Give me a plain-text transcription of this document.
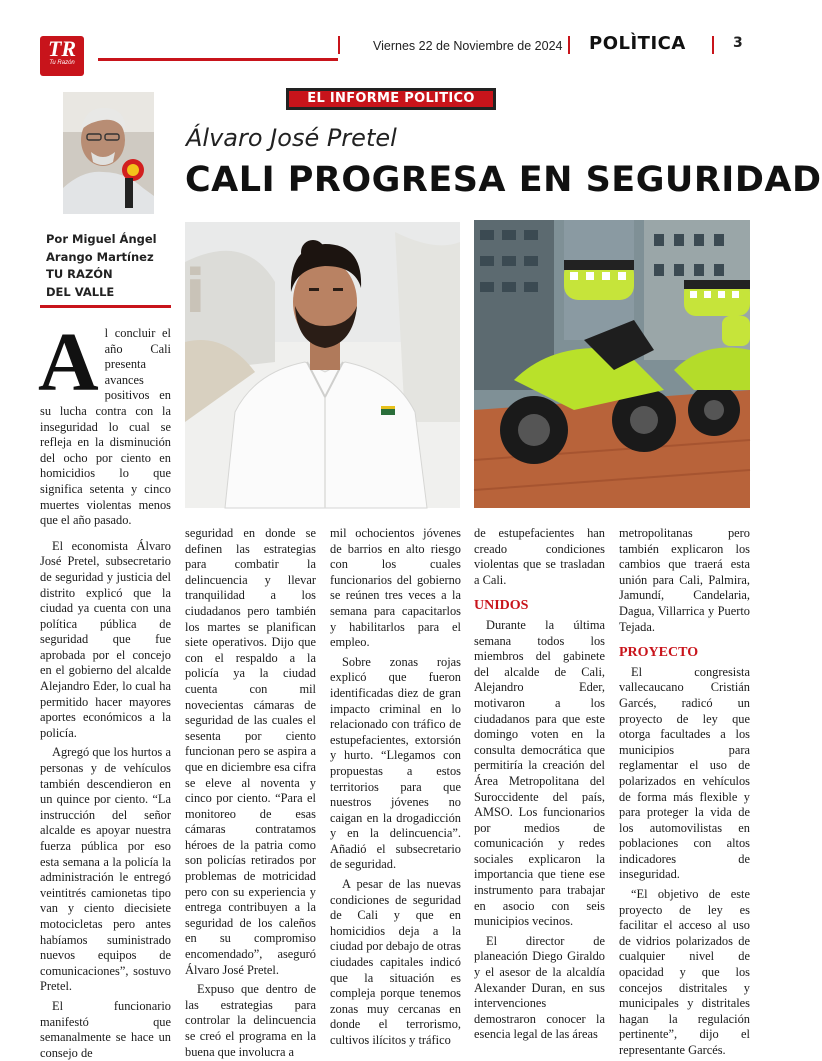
TR
Tu Razón
Viernes 22 de Noviembre de 2024 POLÌTICA	3
EL INFORME POLITICO
Álvaro José Pretel
CALI PROGRESA EN SEGURIDAD
Por Miguel Ángel
Arango Martínez
TU RAZÓN
DEL VALLE	i

Al concluir el año Cali presenta avances positivos en su lucha contra con la inseguridad lo cual se refleja en la disminución del ocho por ciento en homicidios lo que significa setenta y cinco muertes violentas menos que el año pasado.

El economista Álvaro José Pretel, subsecretario de seguridad y justicia del distrito explicó que la ciudad ya cuenta con una política pública de seguridad que fue aprobada por el concejo en el gobierno del alcalde Alejandro Eder, lo cual ha permitido hacer mayores aportes económicos a la policía.

Agregó que los hurtos a personas y de vehículos también descendieron en un quince por ciento. “La instrucción del señor alcalde es apoyar nuestra fuerza pública por eso esta semana a la policía la administración le entregó veintitrés camionetas tipo van y ciento diecisiete motocicletas pero antes habíamos suministrado nuevos equipos de comunicaciones”, sostuvo Pretel.

El funcionario manifestó que semanalmente se hace un consejo de

seguridad en donde se definen las estrategias para combatir la delincuencia y llevar tranquilidad a los ciudadanos pero también los martes se planifican siete operativos. Dijo que con el respaldo a la policía ya la ciudad cuenta con mil novecientas cámaras de seguridad de las cuales el sesenta por ciento funcionan pero se aspira a que en diciembre esa cifra se eleve al noventa y cinco por ciento. “Para el monitoreo de esas cámaras contratamos héroes de la patria como son policías retirados por problemas de motricidad pero con su experiencia y entrega contribuyen a la seguridad de los caleños en su compromiso encomendado”, aseguró Álvaro José Pretel.

Expuso que dentro de las estrategias para controlar la delincuencia se creó el programa en la buena que involucra a

mil ochocientos jóvenes de barrios en alto riesgo con los cuales funcionarios del gobierno se reúnen tres veces a la semana para capacitarlos y habilitarlos para el empleo.

Sobre zonas rojas explicó que fueron identificadas diez de gran impacto criminal en lo relacionado con tráfico de estupefacientes, extorsión y hurto. “Llegamos con propuestas a estos territorios para que nuestros jóvenes no caigan en la drogadicción y en la delincuencia”. Añadió el subsecretario de seguridad.

A pesar de las nuevas condiciones de seguridad de Cali y que en homicidios deja a la ciudad por debajo de otras ciudades capitales indicó que la situación es compleja porque tenemos zonas muy cercanas en donde el terrorismo, cultivos ilícitos y tráfico

de estupefacientes han creado condiciones violentas que se trasladan a Cali.

UNIDOS

Durante la última semana todos los miembros del gabinete del alcalde de Cali, Alejandro Eder, motivaron a los ciudadanos para que este domingo voten en la consulta democrática que permitiría la creación del Área Metropolitana del Suroccidente del país, AMSO. Los funcionarios por medios de comunicación y redes sociales explicaron la importancia que tiene ese instrumento para trabajar en asocio con seis municipios vecinos.

El director de planeación Diego Giraldo y el asesor de la alcaldía Alexander Duran, en sus intervenciones demostraron conocer la esencia legal de las áreas

metropolitanas pero también explicaron los cambios que traerá esta unión para Cali, Palmira, Jamundí, Candelaria, Dagua, Villarrica y Puerto Tejada.

PROYECTO

El congresista vallecaucano Cristián Garcés, radicó un proyecto de ley que otorga facultades a los municipios para reglamentar el uso de polarizados en vehículos de forma más flexible y para proteger la vida de los automovilistas en poblaciones con altos indicadores de inseguridad.

“El objetivo de este proyecto de ley es facilitar el acceso al uso de vidrios polarizados de cualquier nivel de opacidad y que los concejos distritales y municipales y distritales hagan la regulación pertinente”, dijo el representante Garcés.
